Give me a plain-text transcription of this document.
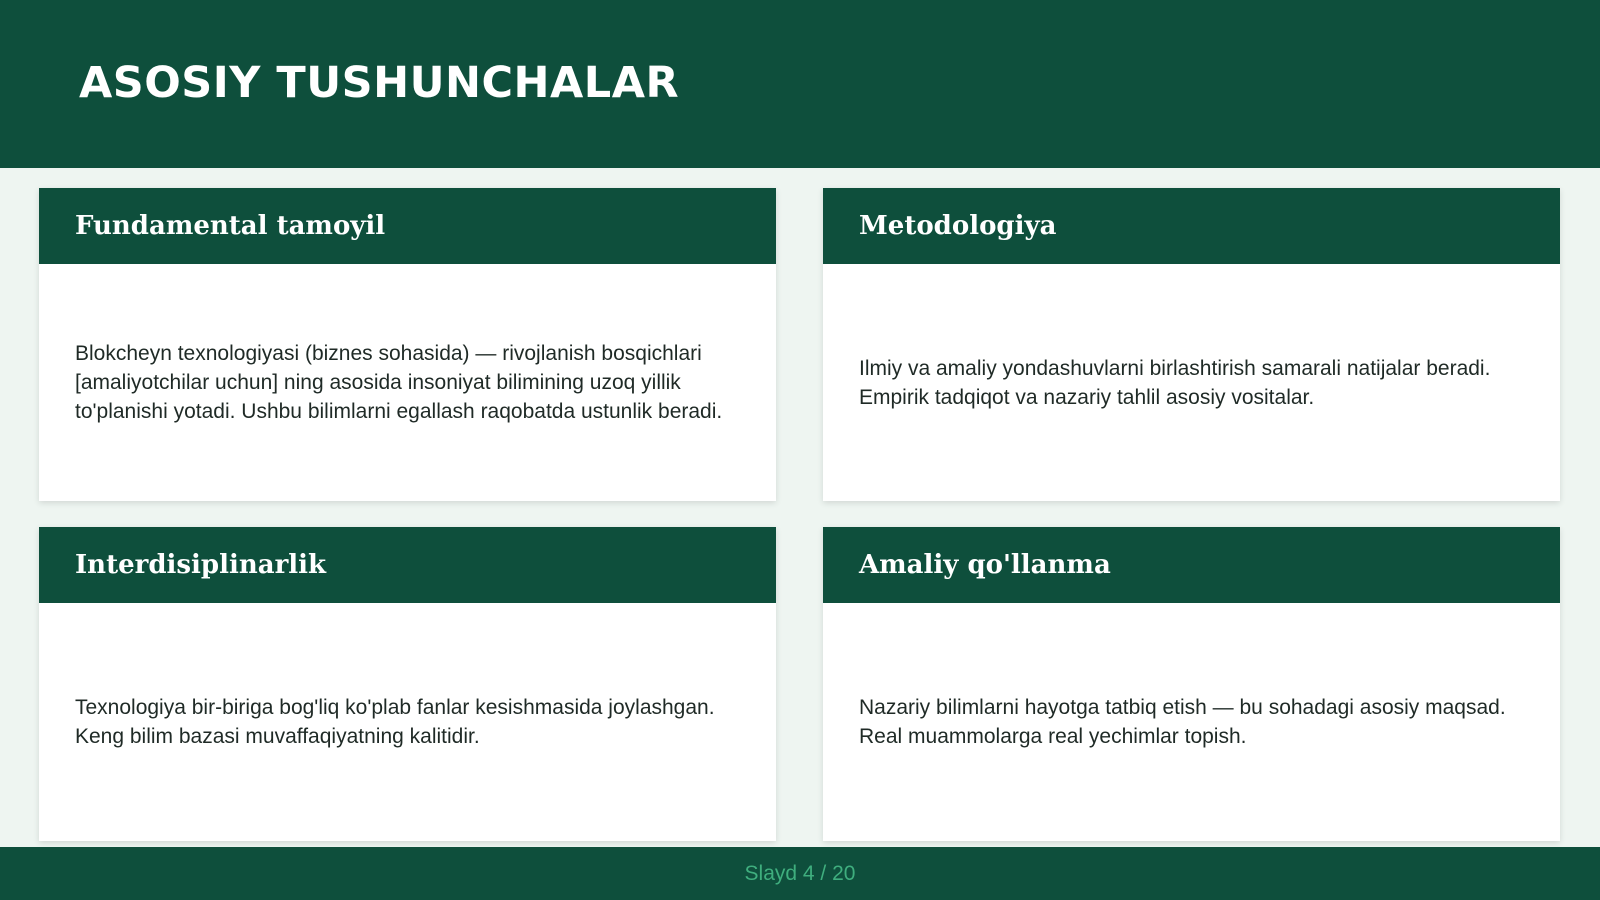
ASOSIY TUSHUNCHALAR
Fundamental tamoyil

Blokcheyn texnologiyasi (biznes sohasida) — rivojlanish bosqichlari [amaliyotchilar uchun] ning asosida insoniyat bilimining uzoq yillik to'planishi yotadi. Ushbu bilimlarni egallash raqobatda ustunlik beradi.

Metodologiya

Ilmiy va amaliy yondashuvlarni birlashtirish samarali natijalar beradi. Empirik tadqiqot va nazariy tahlil asosiy vositalar.

Interdisiplinarlik

Texnologiya bir-biriga bog'liq ko'plab fanlar kesishmasida joylashgan. Keng bilim bazasi muvaffaqiyatning kalitidir.

Amaliy qo'llanma

Nazariy bilimlarni hayotga tatbiq etish — bu sohadagi asosiy maqsad. Real muammolarga real yechimlar topish.

Slayd 4 / 20
